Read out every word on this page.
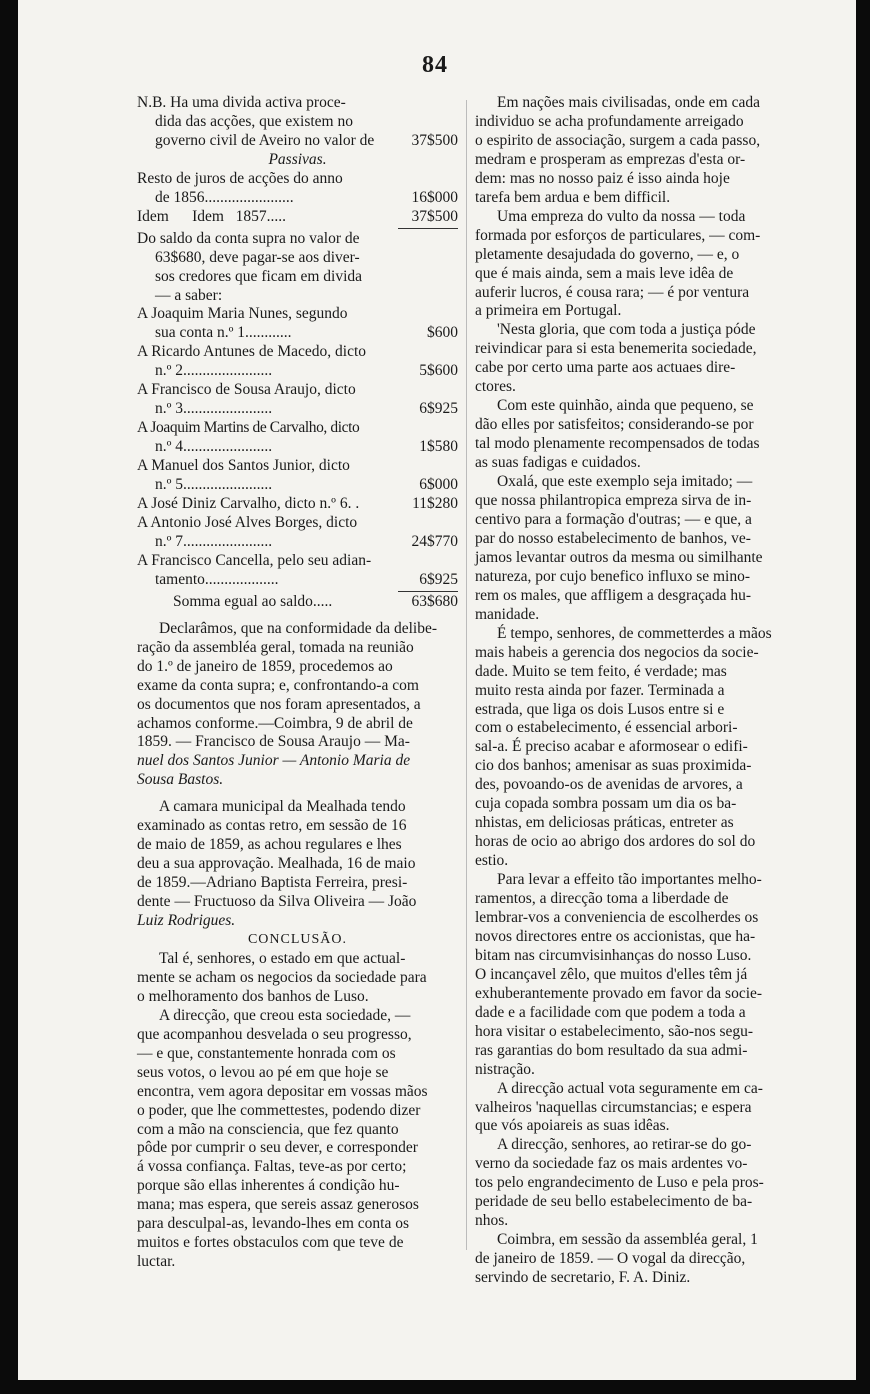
84

N.B. Ha uma divida activa proce-

dida das acções, que existem no

governo civil de Aveiro no valor de	37$500

Passivas.

Resto de juros de acções do anno

de 1856.......................	16$000
Idem      Idem   1857.....	37$500

Do saldo da conta supra no valor de

63$680, deve pagar-se aos diver-

sos credores que ficam em divida

— a saber:

A Joaquim Maria Nunes, segundo

sua conta n.º 1............	$600

A Ricardo Antunes de Macedo, dicto

n.º 2.......................	5$600

A Francisco de Sousa Araujo, dicto

n.º 3.......................	6$925

A Joaquim Martins de Carvalho, dicto

n.º 4.......................	1$580

A Manuel dos Santos Junior, dicto

n.º 5.......................	6$000
A José Diniz Carvalho, dicto n.º 6. .	11$280

A Antonio José Alves Borges, dicto

n.º 7.......................	24$770

A Francisco Cancella, pelo seu adian-

tamento...................	6$925
Somma egual ao saldo.....	63$680

Declarâmos, que na conformidade da delibe-

ração da assembléa geral, tomada na reunião

do 1.º de janeiro de 1859, procedemos ao

exame da conta supra; e, confrontando-a com

os documentos que nos foram apresentados, a

achamos conforme.—Coimbra, 9 de abril de

1859. — Francisco de Sousa Araujo — Ma-

nuel dos Santos Junior — Antonio Maria de

Sousa Bastos.

A camara municipal da Mealhada tendo

examinado as contas retro, em sessão de 16

de maio de 1859, as achou regulares e lhes

deu a sua approvação. Mealhada, 16 de maio

de 1859.—Adriano Baptista Ferreira, presi-

dente — Fructuoso da Silva Oliveira — João

Luiz Rodrigues.

CONCLUSÃO.

Tal é, senhores, o estado em que actual-

mente se acham os negocios da sociedade para

o melhoramento dos banhos de Luso.

A direcção, que creou esta sociedade, —

que acompanhou desvelada o seu progresso,

— e que, constantemente honrada com os

seus votos, o levou ao pé em que hoje se

encontra, vem agora depositar em vossas mãos

o poder, que lhe commettestes, podendo dizer

com a mão na consciencia, que fez quanto

pôde por cumprir o seu dever, e corresponder

á vossa confiança. Faltas, teve-as por certo;

porque são ellas inherentes á condição hu-

mana; mas espera, que sereis assaz generosos

para desculpal-as, levando-lhes em conta os

muitos e fortes obstaculos com que teve de

luctar.

Em nações mais civilisadas, onde em cada

individuo se acha profundamente arreigado

o espirito de associação, surgem a cada passo,

medram e prosperam as emprezas d'esta or-

dem: mas no nosso paiz é isso ainda hoje

tarefa bem ardua e bem difficil.

Uma empreza do vulto da nossa — toda

formada por esforços de particulares, — com-

pletamente desajudada do governo, — e, o

que é mais ainda, sem a mais leve idêa de

auferir lucros, é cousa rara; — é por ventura

a primeira em Portugal.

'Nesta gloria, que com toda a justiça póde

reivindicar para si esta benemerita sociedade,

cabe por certo uma parte aos actuaes dire-

ctores.

Com este quinhão, ainda que pequeno, se

dão elles por satisfeitos; considerando-se por

tal modo plenamente recompensados de todas

as suas fadigas e cuidados.

Oxalá, que este exemplo seja imitado; —

que nossa philantropica empreza sirva de in-

centivo para a formação d'outras; — e que, a

par do nosso estabelecimento de banhos, ve-

jamos levantar outros da mesma ou similhante

natureza, por cujo benefico influxo se mino-

rem os males, que affligem a desgraçada hu-

manidade.

É tempo, senhores, de commetterdes a mãos

mais habeis a gerencia dos negocios da socie-

dade. Muito se tem feito, é verdade; mas

muito resta ainda por fazer. Terminada a

estrada, que liga os dois Lusos entre si e

com o estabelecimento, é essencial arbori-

sal-a. É preciso acabar e aformosear o edifi-

cio dos banhos; amenisar as suas proximida-

des, povoando-os de avenidas de arvores, a

cuja copada sombra possam um dia os ba-

nhistas, em deliciosas práticas, entreter as

horas de ocio ao abrigo dos ardores do sol do

estio.

Para levar a effeito tão importantes melho-

ramentos, a direcção toma a liberdade de

lembrar-vos a conveniencia de escolherdes os

novos directores entre os accionistas, que ha-

bitam nas circumvisinhanças do nosso Luso.

O incançavel zêlo, que muitos d'elles têm já

exhuberantemente provado em favor da socie-

dade e a facilidade com que podem a toda a

hora visitar o estabelecimento, são-nos segu-

ras garantias do bom resultado da sua admi-

nistração.

A direcção actual vota seguramente em ca-

valheiros 'naquellas circumstancias; e espera

que vós apoiareis as suas idêas.

A direcção, senhores, ao retirar-se do go-

verno da sociedade faz os mais ardentes vo-

tos pelo engrandecimento de Luso e pela pros-

peridade de seu bello estabelecimento de ba-

nhos.

Coimbra, em sessão da assembléa geral, 1

de janeiro de 1859. — O vogal da direcção,

servindo de secretario, F. A. Diniz.
